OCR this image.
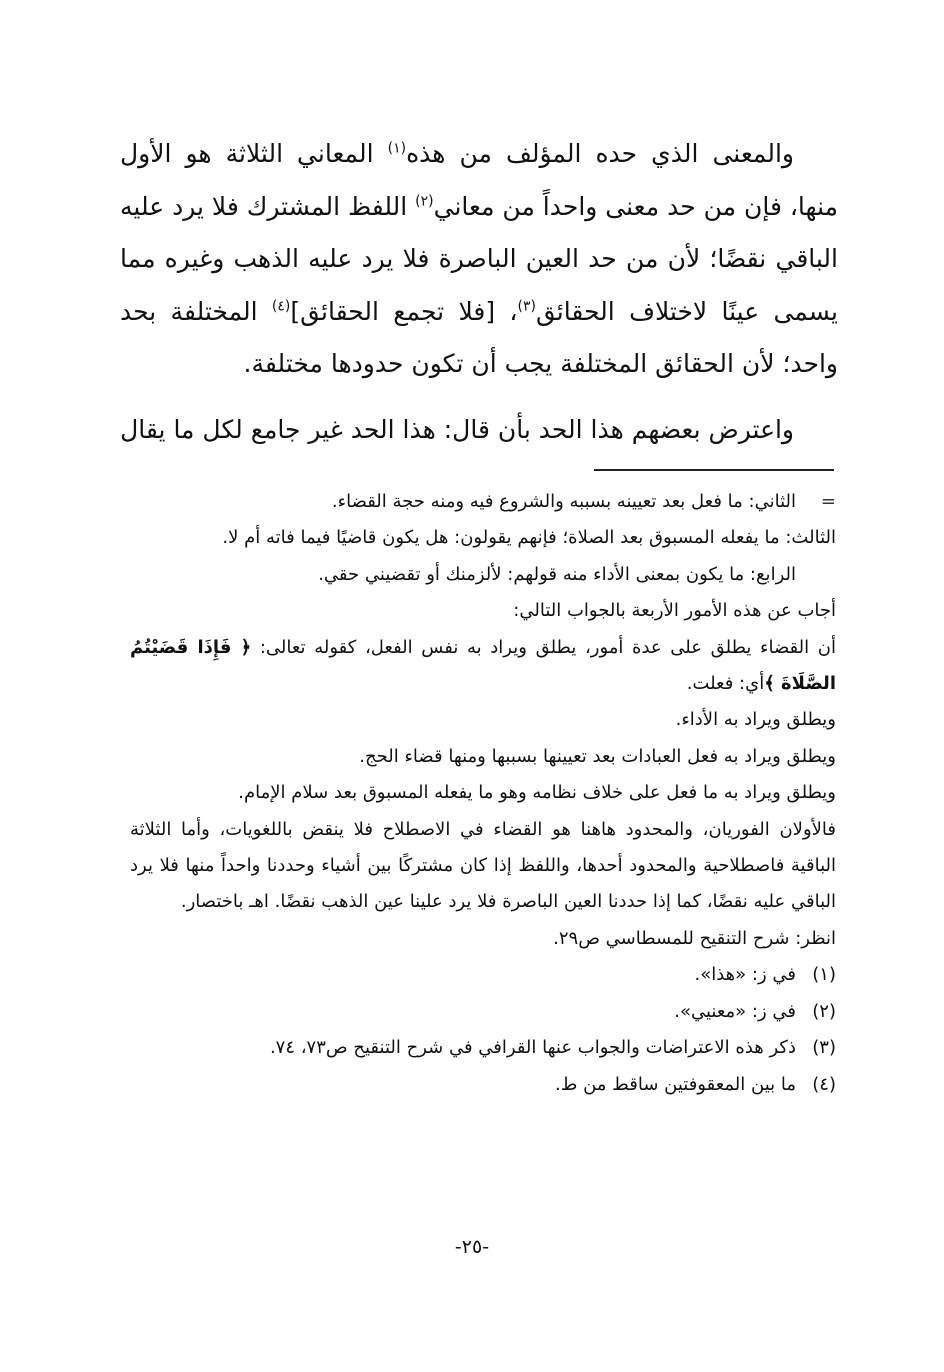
والمعنى الذي حده المؤلف من هذه$^{(١)}$ المعاني الثلاثة هو الأول منها، فإن من حد معنى واحداً من معاني$^{(٢)}$ اللفظ المشترك فلا يرد عليه الباقي نقضًا؛ لأن من حد العين الباصرة فلا يرد عليه الذهب وغيره مما يسمى عينًا لاختلاف الحقائق$^{(٣)}$، [فلا تجمع الحقائق]$^{(٤)}$ المختلفة بحد واحد؛ لأن الحقائق المختلفة يجب أن تكون حدودها مختلفة.

واعترض بعضهم هذا الحد بأن قال: هذا الحد غير جامع لكل ما يقال

=الثاني: ما فعل بعد تعيينه بسببه والشروع فيه ومنه حجة القضاء.

الثالث: ما يفعله المسبوق بعد الصلاة؛ فإنهم يقولون: هل يكون قاضيًا فيما فاته أم لا.

الرابع: ما يكون بمعنى الأداء منه قولهم: لألزمنك أو تقضيني حقي.

أجاب عن هذه الأمور الأربعة بالجواب التالي:

أن القضاء يطلق على عدة أمور، يطلق ويراد به نفس الفعل، كقوله تعالى: ﴿ فَإِذَا قَضَيْتُمُ الصَّلَاةَ ﴾أي: فعلت.

ويطلق ويراد به الأداء.

ويطلق ويراد به فعل العبادات بعد تعيينها بسببها ومنها قضاء الحج.

ويطلق ويراد به ما فعل على خلاف نظامه وهو ما يفعله المسبوق بعد سلام الإمام.

فالأولان الفوريان، والمحدود هاهنا هو القضاء في الاصطلاح فلا ينقض باللغويات، وأما الثلاثة الباقية فاصطلاحية والمحدود أحدها، واللفظ إذا كان مشتركًا بين أشياء وحددنا واحداً منها فلا يرد الباقي عليه نقضًا، كما إذا حددنا العين الباصرة فلا يرد علينا عين الذهب نقضًا. اهـ باختصار.

انظر: شرح التنقيح للمسطاسي ص٢٩.

(١)
في ز: «هذا».
(٢)
في ز: «معنيي».
(٣)
ذكر هذه الاعتراضات والجواب عنها القرافي في شرح التنقيح ص٧٣، ٧٤.
(٤)
ما بين المعقوفتين ساقط من ط.
-٢٥-
